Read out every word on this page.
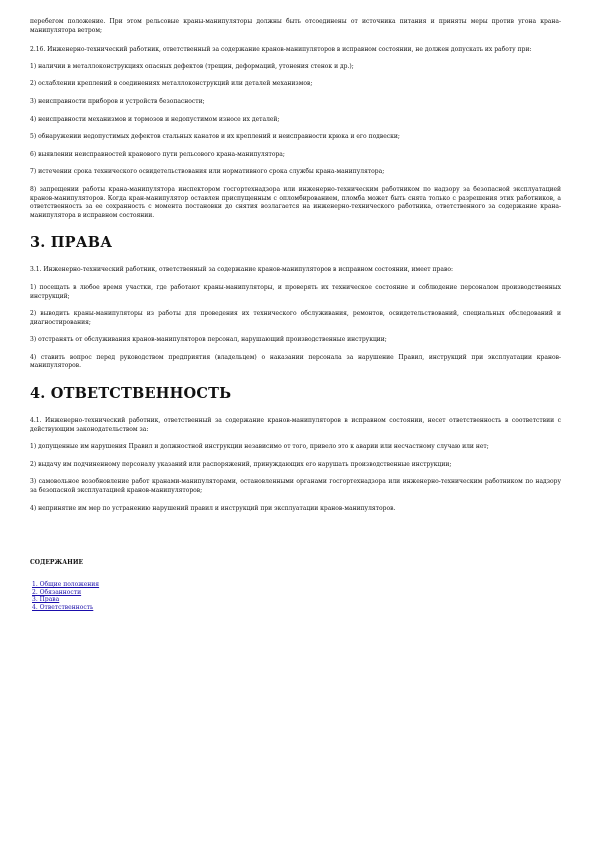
перебегом положение. При этом рельсовые краны-манипуляторы должны быть отсоединены от источника питания и приняты меры против угона крана-манипулятора ветром;

2.16. Инженерно-технический работник, ответственный за содержание кранов-манипуляторов в исправном состоянии, не должен допускать их работу при:

1) наличии в металлоконструкциях опасных дефектов (трещин, деформаций, утонения стенок и др.);

2) ослаблении креплений в соединениях металлоконструкций или деталей механизмов;

3) неисправности приборов и устройств безопасности;

4) неисправности механизмов и тормозов и недопустимом износе их деталей;

5) обнаружении недопустимых дефектов стальных канатов и их креплений и неисправности крюка и его подвески;

6) выявлении неисправностей кранового пути рельсового крана-манипулятора;

7) истечении срока технического освидетельствования или нормативного срока службы крана-манипулятора;

8) запрещении работы крана-манипулятора инспектором госгортехнадзора или инженерно-техническим работником по надзору за безопасной эксплуатацией кранов-манипуляторов. Когда кран-манипулятор оставлен приспущенным с опломбированием, пломба может быть снята только с разрешения этих работников, а ответственность за ее сохранность с момента постановки до снятия возлагается на инженерно-технического работника, ответственного за содержание крана-манипулятора в исправном состоянии.

3. ПРАВА

3.1. Инженерно-технический работник, ответственный за содержание кранов-манипуляторов в исправном состоянии, имеет право:

1) посещать в любое время участки, где работают краны-манипуляторы, и проверять их техническое состояние и соблюдение персоналом производственных инструкций;

2) выводить краны-манипуляторы из работы для проведения их технического обслуживания, ремонтов, освидетельствований, специальных обследований и диагностирования;

3) отстранять от обслуживания кранов-манипуляторов персонал, нарушающий производственные инструкции;

4) ставить вопрос перед руководством предприятия (владельцем) о наказании персонала за нарушение Правил, инструкций при эксплуатации кранов-манипуляторов.

4. ОТВЕТСТВЕННОСТЬ

4.1. Инженерно-технический работник, ответственный за содержание кранов-манипуляторов в исправном состоянии, несет ответственность в соответствии с действующим законодательством за:

1) допущенные им нарушения Правил и должностной инструкции независимо от того, привело это к аварии или несчастному случаю или нет;

2) выдачу им подчиненному персоналу указаний или распоряжений, принуждающих его нарушать производственные инструкции;

3) самовольное возобновление работ кранами-манипуляторами, остановленными органами госгортехнадзора или инженерно-техническим работником по надзору за безопасной эксплуатацией кранов-манипуляторов;

4) непринятие им мер по устранению нарушений правил и инструкций при эксплуатации кранов-манипуляторов.

СОДЕРЖАНИЕ
1. Общие положения
2. Обязанности
3. Права
4. Ответственность
